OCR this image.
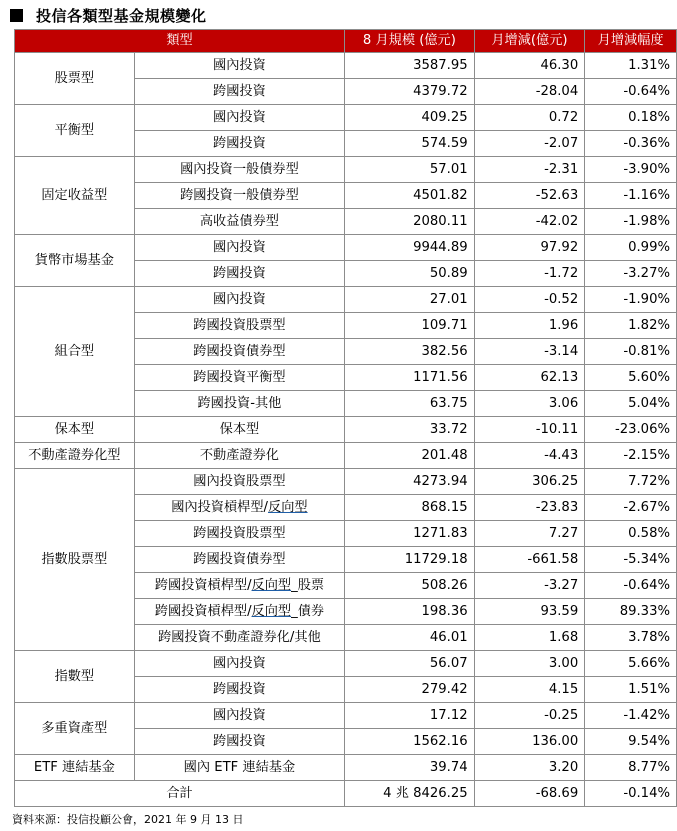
投信各類型基金規模變化
類型		8 月規模 (億元)	月增減(億元)	月增減幅度
股票型	國內投資	3587.95	46.30	1.31%
	跨國投資	4379.72	-28.04	-0.64%
平衡型	國內投資	409.25	0.72	0.18%
	跨國投資	574.59	-2.07	-0.36%
固定收益型	國內投資一般債券型	57.01	-2.31	-3.90%
	跨國投資一般債券型	4501.82	-52.63	-1.16%
	高收益債券型	2080.11	-42.02	-1.98%
貨幣市場基金	國內投資	9944.89	97.92	0.99%
	跨國投資	50.89	-1.72	-3.27%
組合型	國內投資	27.01	-0.52	-1.90%
	跨國投資股票型	109.71	1.96	1.82%
	跨國投資債券型	382.56	-3.14	-0.81%
	跨國投資平衡型	1171.56	62.13	5.60%
	跨國投資-其他	63.75	3.06	5.04%
保本型	保本型	33.72	-10.11	-23.06%
不動產證券化型	不動產證券化	201.48	-4.43	-2.15%
指數股票型	國內投資股票型	4273.94	306.25	7.72%
	國內投資槓桿型/反向型	868.15	-23.83	-2.67%
	跨國投資股票型	1271.83	7.27	0.58%
	跨國投資債券型	11729.18	-661.58	-5.34%
	跨國投資槓桿型/反向型_股票	508.26	-3.27	-0.64%
	跨國投資槓桿型/反向型_債券	198.36	93.59	89.33%
	跨國投資不動產證券化/其他	46.01	1.68	3.78%
指數型	國內投資	56.07	3.00	5.66%
	跨國投資	279.42	4.15	1.51%
多重資產型	國內投資	17.12	-0.25	-1.42%
	跨國投資	1562.16	136.00	9.54%
ETF 連結基金	國內 ETF 連結基金	39.74	3.20	8.77%
合計		4 兆 8426.25	-68.69	-0.14%
資料來源：投信投顧公會，2021 年 9 月 13 日
